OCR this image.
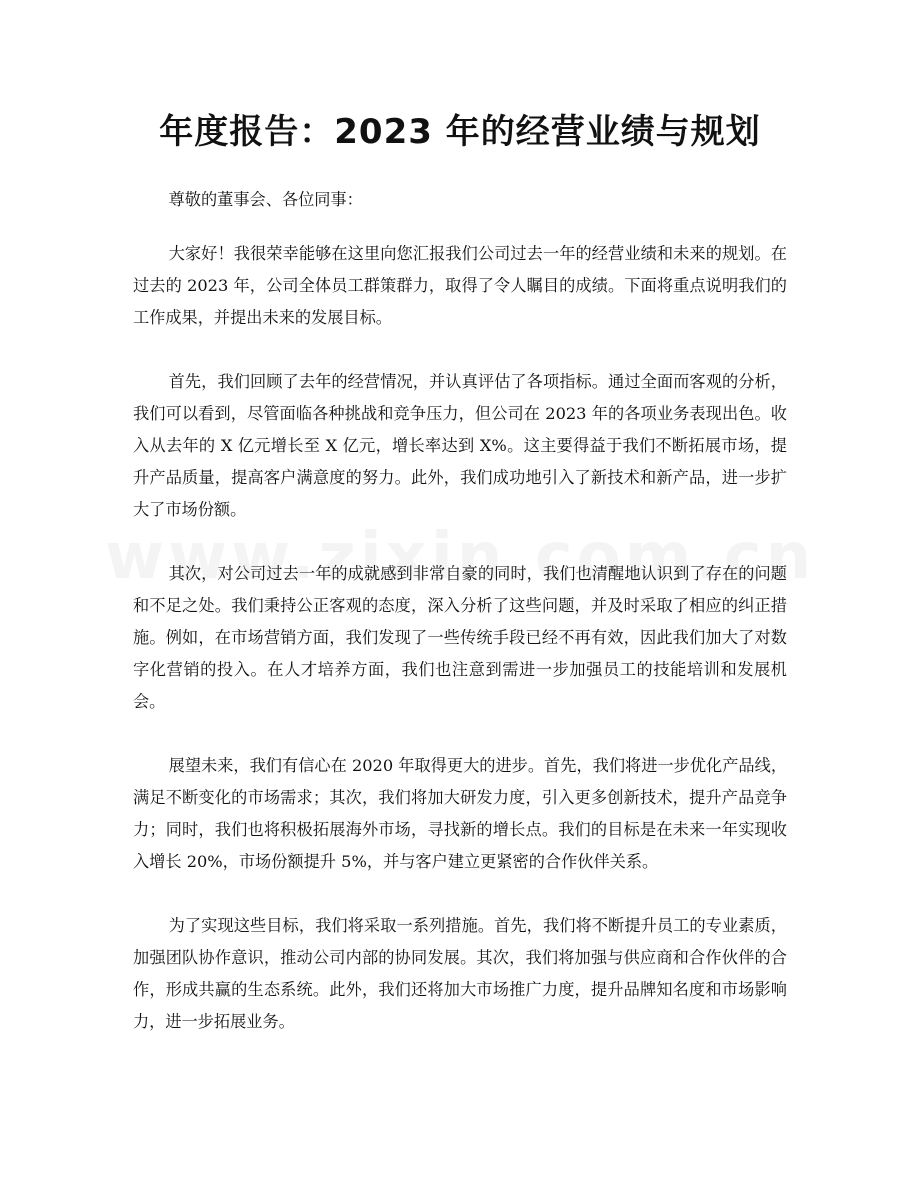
年度报告：2023 年的经营业绩与规划

尊敬的董事会、各位同事：

大家好！我很荣幸能够在这里向您汇报我们公司过去一年的经营业绩和未来的规划。在过去的 2023 年，公司全体员工群策群力，取得了令人瞩目的成绩。下面将重点说明我们的工作成果，并提出未来的发展目标。

首先，我们回顾了去年的经营情况，并认真评估了各项指标。通过全面而客观的分析，我们可以看到，尽管面临各种挑战和竞争压力，但公司在 2023 年的各项业务表现出色。收入从去年的 X 亿元增长至 X 亿元，增长率达到 X%。这主要得益于我们不断拓展市场，提升产品质量，提高客户满意度的努力。此外，我们成功地引入了新技术和新产品，进一步扩大了市场份额。

其次，对公司过去一年的成就感到非常自豪的同时，我们也清醒地认识到了存在的问题和不足之处。我们秉持公正客观的态度，深入分析了这些问题，并及时采取了相应的纠正措施。例如，在市场营销方面，我们发现了一些传统手段已经不再有效，因此我们加大了对数字化营销的投入。在人才培养方面，我们也注意到需进一步加强员工的技能培训和发展机会。

展望未来，我们有信心在 2020 年取得更大的进步。首先，我们将进一步优化产品线，满足不断变化的市场需求；其次，我们将加大研发力度，引入更多创新技术，提升产品竞争力；同时，我们也将积极拓展海外市场，寻找新的增长点。我们的目标是在未来一年实现收入增长 20%，市场份额提升 5%，并与客户建立更紧密的合作伙伴关系。

为了实现这些目标，我们将采取一系列措施。首先，我们将不断提升员工的专业素质，加强团队协作意识，推动公司内部的协同发展。其次，我们将加强与供应商和合作伙伴的合作，形成共赢的生态系统。此外，我们还将加大市场推广力度，提升品牌知名度和市场影响力，进一步拓展业务。
